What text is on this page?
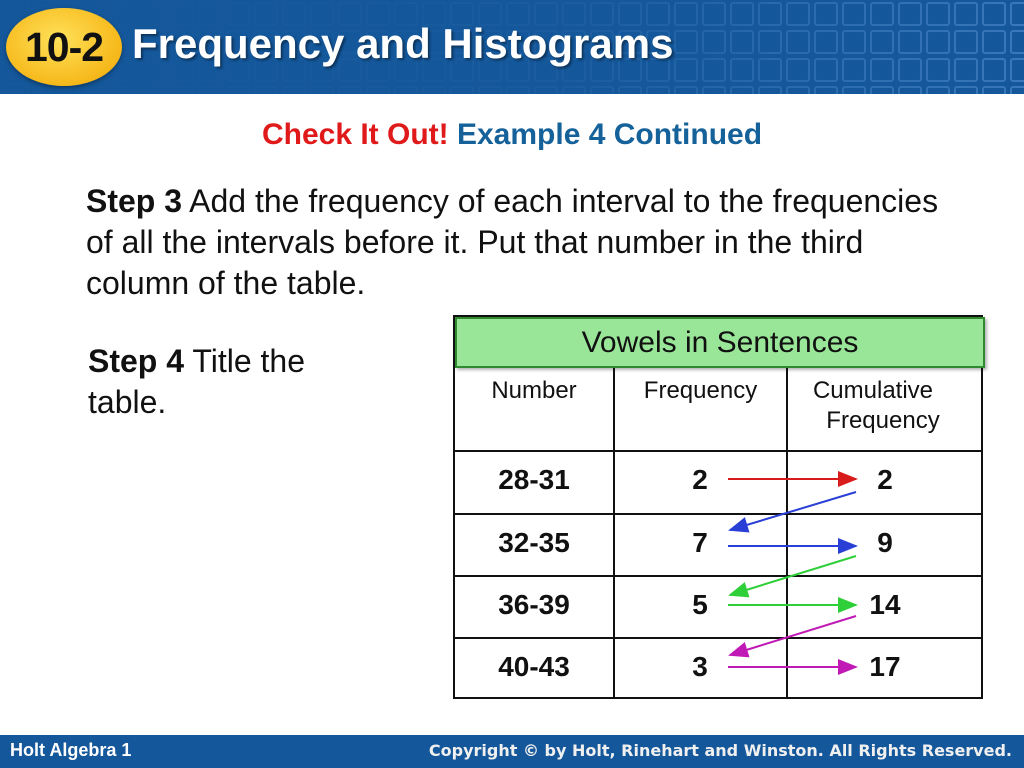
10-2 Frequency and Histograms
Check It Out! Example 4 Continued
Step 3 Add the frequency of each interval to the frequencies of all the intervals before it. Put that number in the third column of the table.
Step 4 Title the table.
Vowels in Sentences
Number	Frequency	Cumulative
Frequency
28-31	2	2
32-35	7	9
36-39	5	14
40-43	3	17
Holt Algebra 1	Copyright © by Holt, Rinehart and Winston. All Rights Reserved.
